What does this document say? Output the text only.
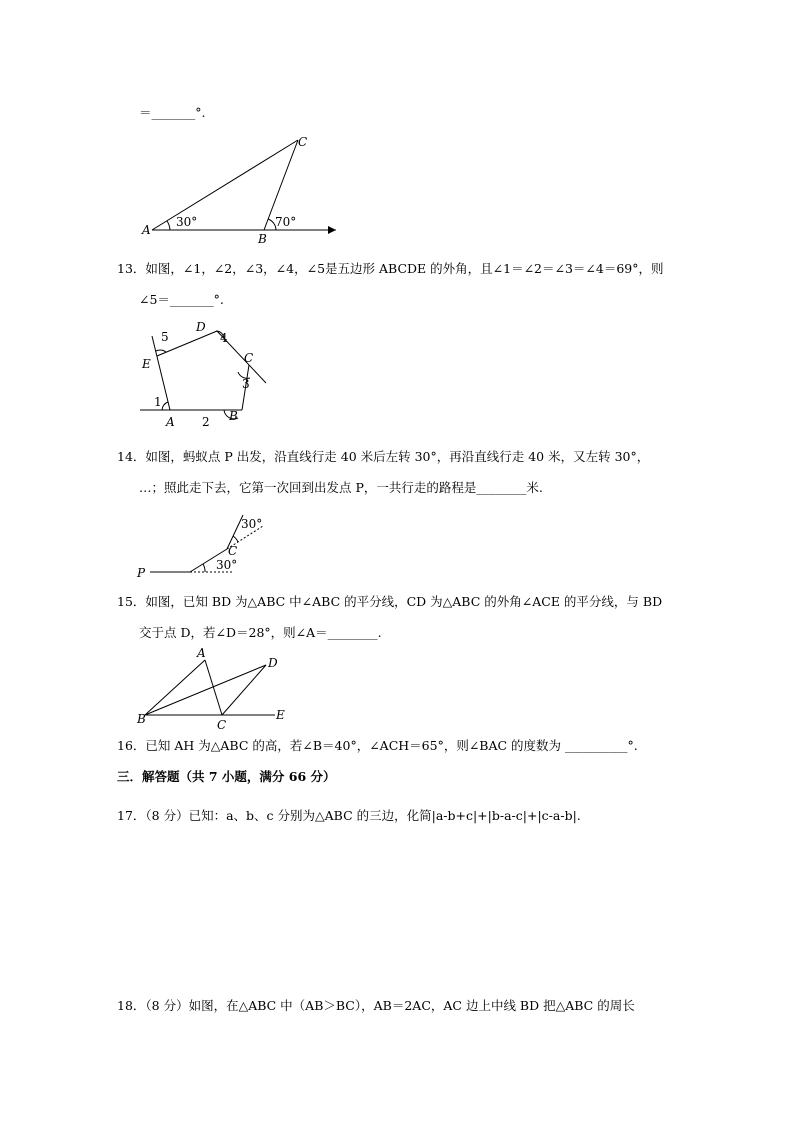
＝_______°.
A
B
C
30°	70°
13．如图，∠1，∠2，∠3，∠4，∠5是五边形 ABCDE 的外角，且∠1＝∠2＝∠3＝∠4＝69°，则
∠5＝_______°.
A	B
C
D
E
1
2
3
4
5
14．如图，蚂蚁点 P 出发，沿直线行走 40 米后左转 30°，再沿直线行走 40 米，又左转 30°，
…；照此走下去，它第一次回到出发点 P，一共行走的路程是________米.
P
C
30°
30°
15．如图，已知 BD 为△ABC 中∠ABC 的平分线，CD 为△ABC 的外角∠ACE 的平分线，与 BD
交于点 D，若∠D＝28°，则∠A＝________.
A
B	C
D
E
16．已知 AH 为△ABC 的高，若∠B＝40°，∠ACH＝65°，则∠BAC 的度数为 __________°.
三．解答题（共 7 小题，满分 66 分）
17．（8 分）已知：a、b、c 分别为△ABC 的三边，化简|a-b+c|+|b-a-c|+|c-a-b|.
18．（8 分）如图，在△ABC 中（AB＞BC），AB＝2AC，AC 边上中线 BD 把△ABC 的周长
